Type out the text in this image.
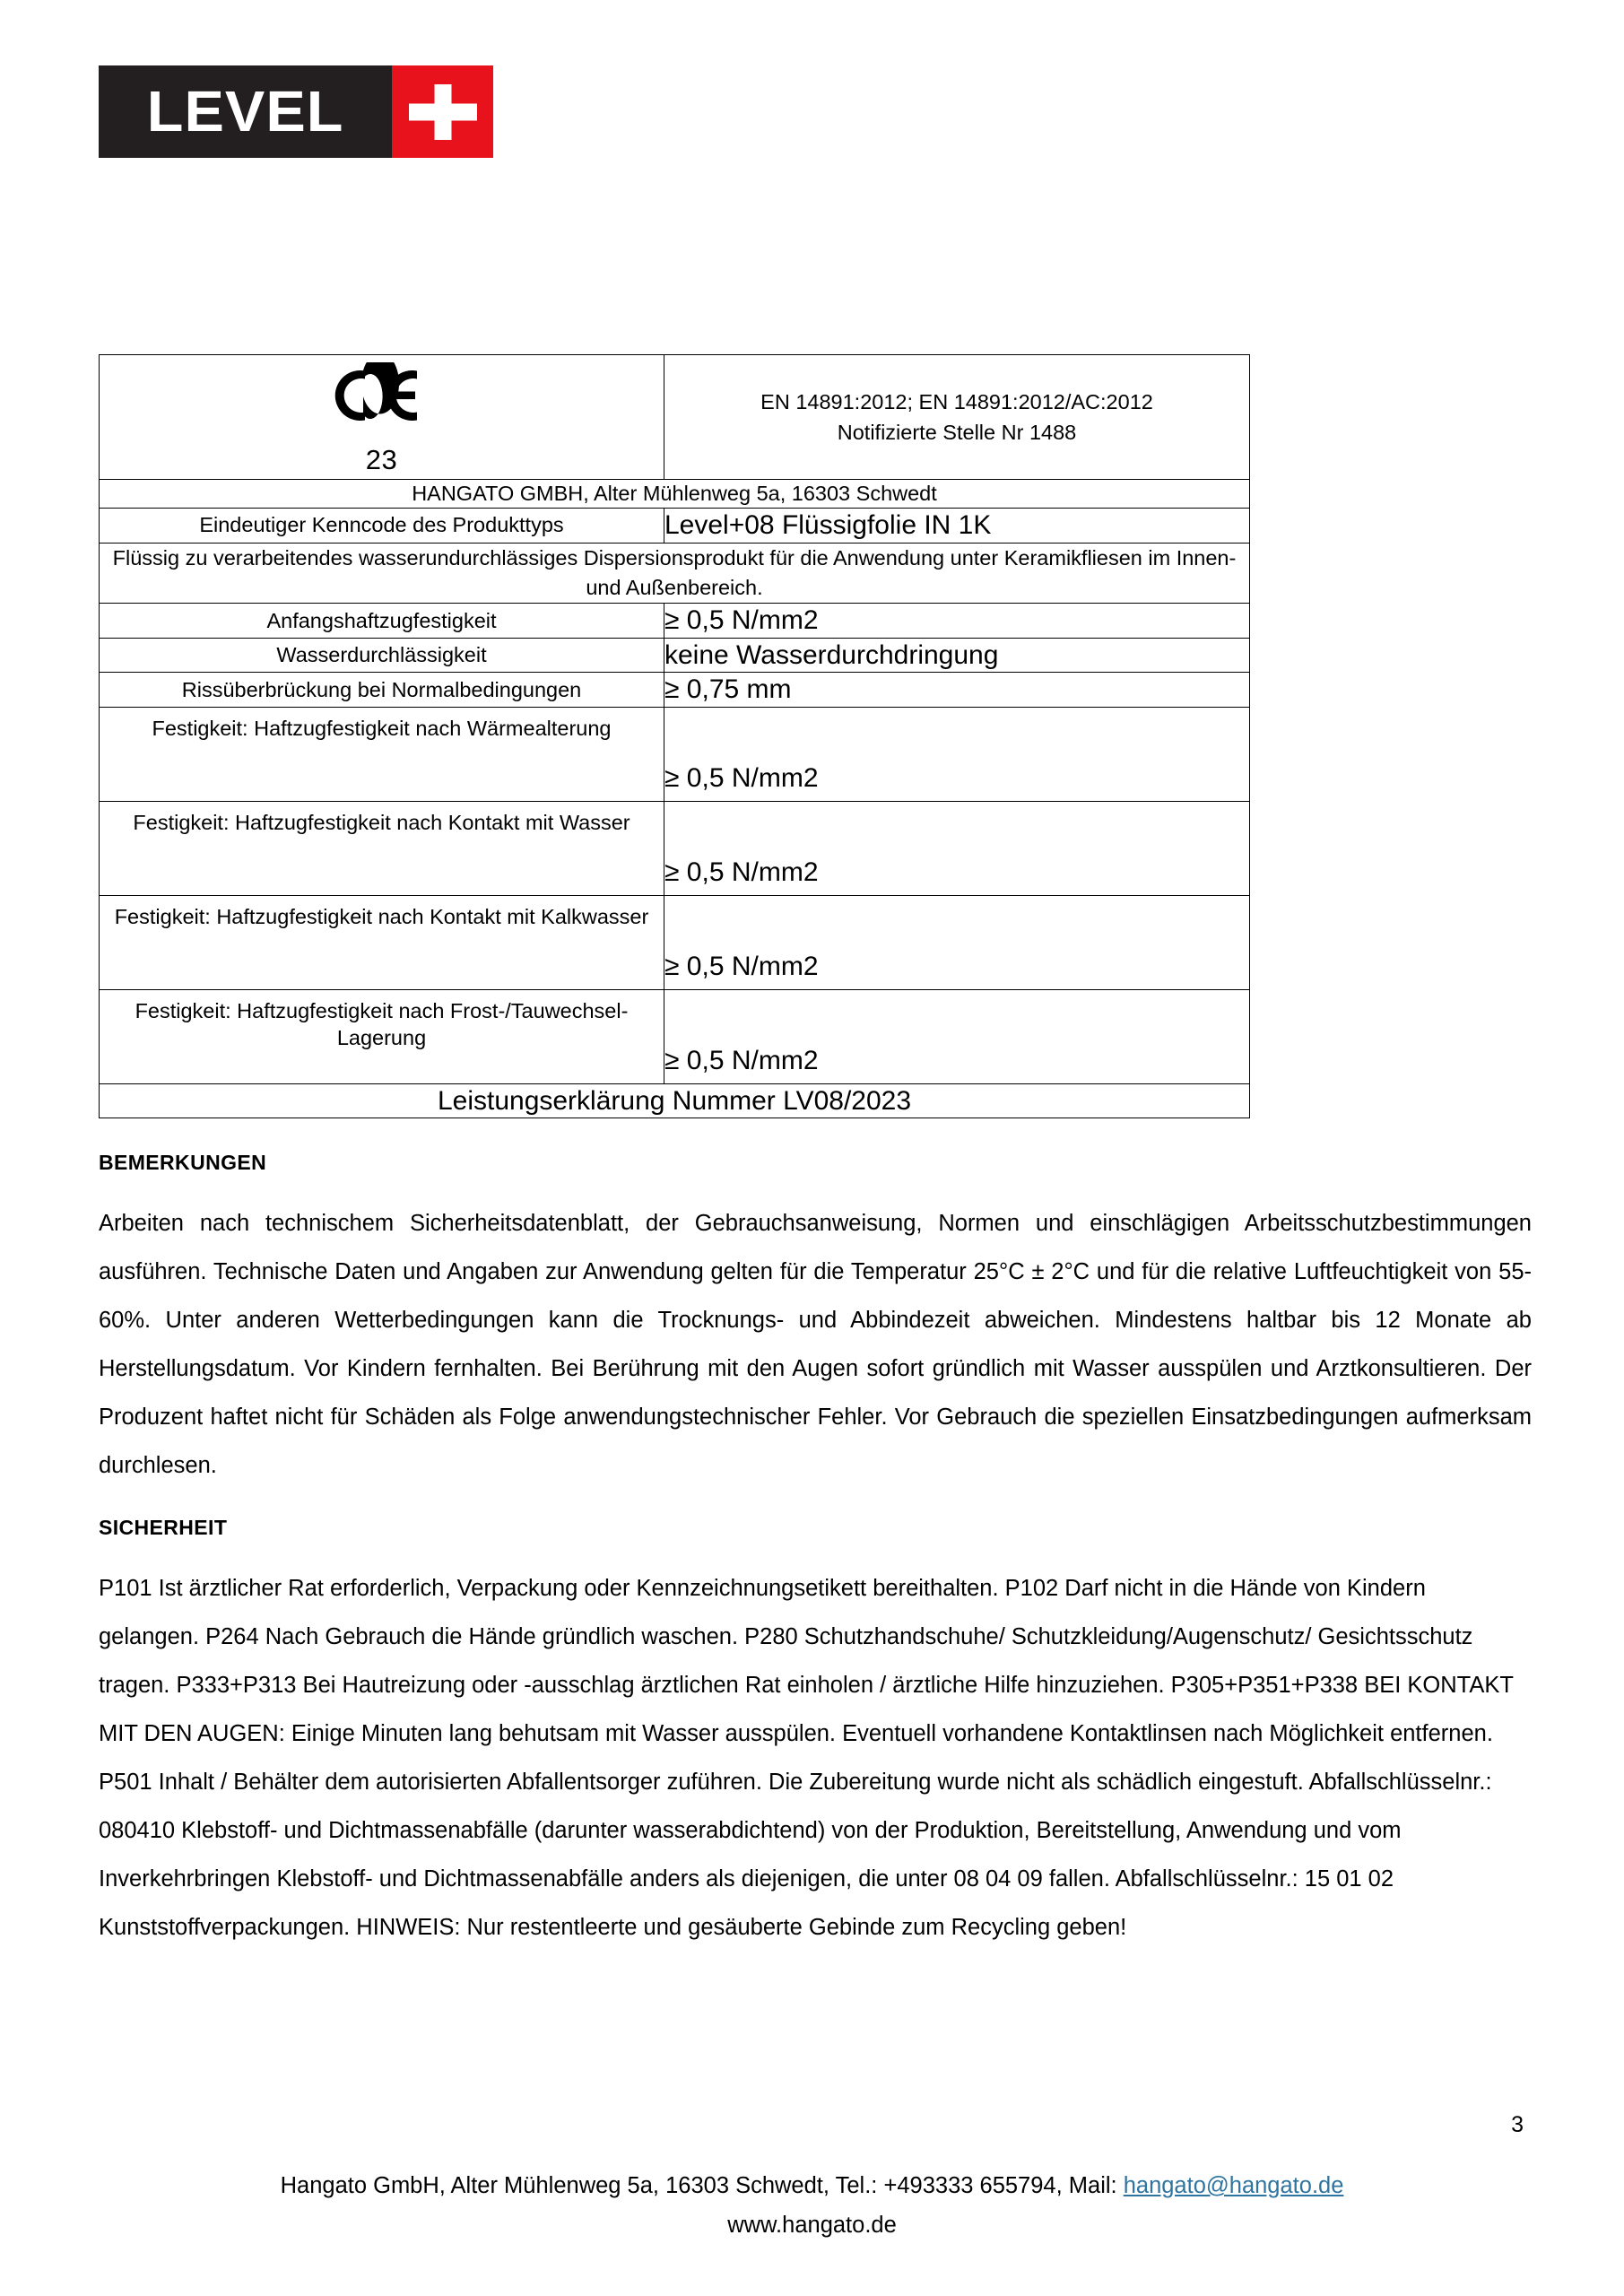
LEVEL
23	EN 14891:2012; EN 14891:2012/AC:2012
Notifizierte Stelle Nr 1488

HANGATO GMBH, Alter Mühlenweg 5a, 16303 Schwedt	
Eindeutiger Kenncode des Produkttyps	Level+08 Flüssigfolie IN 1K
Flüssig zu verarbeitendes wasserundurchlässiges Dispersionsprodukt für die Anwendung unter Keramikfliesen im Innen- und Außenbereich.	
Anfangshaftzugfestigkeit	≥ 0,5 N/mm2
Wasserdurchlässigkeit	keine Wasserdurchdringung
Rissüberbrückung bei Normalbedingungen	≥ 0,75 mm
Festigkeit: Haftzugfestigkeit nach Wärmealterung	≥ 0,5 N/mm2
Festigkeit: Haftzugfestigkeit nach Kontakt mit Wasser	≥ 0,5 N/mm2
Festigkeit: Haftzugfestigkeit nach Kontakt mit Kalkwasser	≥ 0,5 N/mm2
Festigkeit: Haftzugfestigkeit nach Frost-/Tauwechsel-Lagerung	≥ 0,5 N/mm2
Leistungserklärung Nummer LV08/2023	
BEMERKUNGEN

Arbeiten nach technischem Sicherheitsdatenblatt, der Gebrauchsanweisung, Normen und einschlägigen Arbeitsschutzbestimmungen ausführen. Technische Daten und Angaben zur Anwendung gelten für die Temperatur 25°C ± 2°C und für die relative Luftfeuchtigkeit von 55-60%. Unter anderen Wetterbedingungen kann die Trocknungs- und Abbindezeit abweichen. Mindestens haltbar bis 12 Monate ab Herstellungsdatum. Vor Kindern fernhalten. Bei Berührung mit den Augen sofort gründlich mit Wasser ausspülen und Arztkonsultieren. Der Produzent haftet nicht für Schäden als Folge anwendungstechnischer Fehler. Vor Gebrauch die speziellen Einsatzbedingungen aufmerksam durchlesen.

SICHERHEIT

P101 Ist ärztlicher Rat erforderlich, Verpackung oder Kennzeichnungsetikett bereithalten. P102 Darf nicht in die Hände von Kindern gelangen. P264 Nach Gebrauch die Hände gründlich waschen. P280 Schutzhandschuhe/ Schutzkleidung/Augenschutz/ Gesichtsschutz tragen. P333+P313 Bei Hautreizung oder -ausschlag ärztlichen Rat einholen / ärztliche Hilfe hinzuziehen. P305+P351+P338 BEI KONTAKT MIT DEN AUGEN: Einige Minuten lang behutsam mit Wasser ausspülen. Eventuell vorhandene Kontaktlinsen nach Möglichkeit entfernen. P501 Inhalt / Behälter dem autorisierten Abfallentsorger zuführen. Die Zubereitung wurde nicht als schädlich eingestuft. Abfallschlüsselnr.: 080410 Klebstoff- und Dichtmassenabfälle (darunter wasserabdichtend) von der Produktion, Bereitstellung, Anwendung und vom Inverkehrbringen Klebstoff- und Dichtmassenabfälle anders als diejenigen, die unter 08 04 09 fallen. Abfallschlüsselnr.: 15 01 02 Kunststoffverpackungen. HINWEIS: Nur restentleerte und gesäuberte Gebinde zum Recycling geben!

3
Hangato GmbH, Alter Mühlenweg 5a, 16303 Schwedt, Tel.: +493333 655794, Mail: hangato@hangato.de
www.hangato.de
